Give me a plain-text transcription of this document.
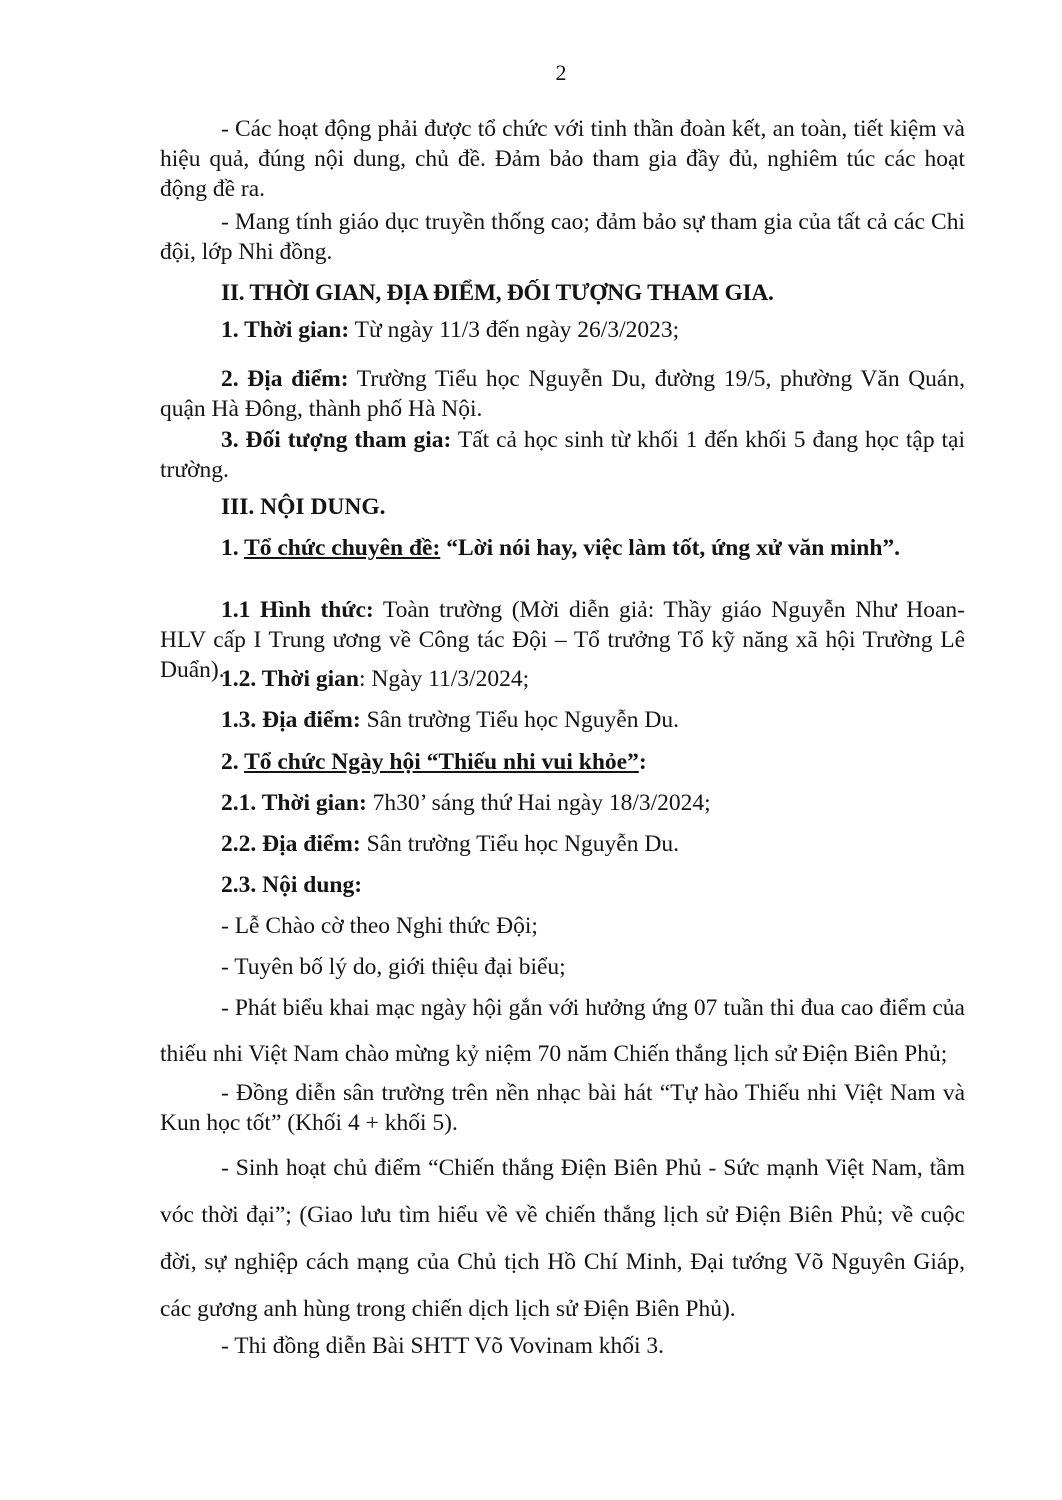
2
- Các hoạt động phải được tổ chức với tinh thần đoàn kết, an toàn, tiết kiệm và hiệu quả, đúng nội dung, chủ đề. Đảm bảo tham gia đầy đủ, nghiêm túc các hoạt động đề ra.
- Mang tính giáo dục truyền thống cao; đảm bảo sự tham gia của tất cả các Chi đội, lớp Nhi đồng.
II. THỜI GIAN, ĐỊA ĐIỂM, ĐỐI TƯỢNG THAM GIA.
1. Thời gian: Từ ngày 11/3 đến ngày 26/3/2023;
2. Địa điểm: Trường Tiểu học Nguyễn Du, đường 19/5, phường Văn Quán, quận Hà Đông, thành phố Hà Nội.
3. Đối tượng tham gia: Tất cả học sinh từ khối 1 đến khối 5 đang học tập tại trường.
III. NỘI DUNG.
1. Tổ chức chuyên đề: “Lời nói hay, việc làm tốt, ứng xử văn minh”.
1.1 Hình thức: Toàn trường (Mời diễn giả: Thầy giáo Nguyễn Như Hoan- HLV cấp I Trung ương về Công tác Đội – Tổ trưởng Tổ kỹ năng xã hội Trường Lê Duẩn).
1.2. Thời gian: Ngày 11/3/2024;
1.3. Địa điểm: Sân trường Tiểu học Nguyễn Du.
2. Tổ chức Ngày hội “Thiếu nhi vui khỏe”:
2.1. Thời gian: 7h30’ sáng thứ Hai ngày 18/3/2024;
2.2. Địa điểm: Sân trường Tiểu học Nguyễn Du.
2.3. Nội dung:
- Lễ Chào cờ theo Nghi thức Đội;
- Tuyên bố lý do, giới thiệu đại biểu;
- Phát biểu khai mạc ngày hội gắn với hưởng ứng 07 tuần thi đua cao điểm của thiếu nhi Việt Nam chào mừng kỷ niệm 70 năm Chiến thắng lịch sử Điện Biên Phủ;
- Đồng diễn sân trường trên nền nhạc bài hát “Tự hào Thiếu nhi Việt Nam và Kun học tốt” (Khối 4 + khối 5).
- Sinh hoạt chủ điểm “Chiến thắng Điện Biên Phủ - Sức mạnh Việt Nam, tầm vóc thời đại”; (Giao lưu tìm hiểu về về chiến thắng lịch sử Điện Biên Phủ; về cuộc đời, sự nghiệp cách mạng của Chủ tịch Hồ Chí Minh, Đại tướng Võ Nguyên Giáp, các gương anh hùng trong chiến dịch lịch sử Điện Biên Phủ).
- Thi đồng diễn Bài SHTT Võ Vovinam khối 3.
